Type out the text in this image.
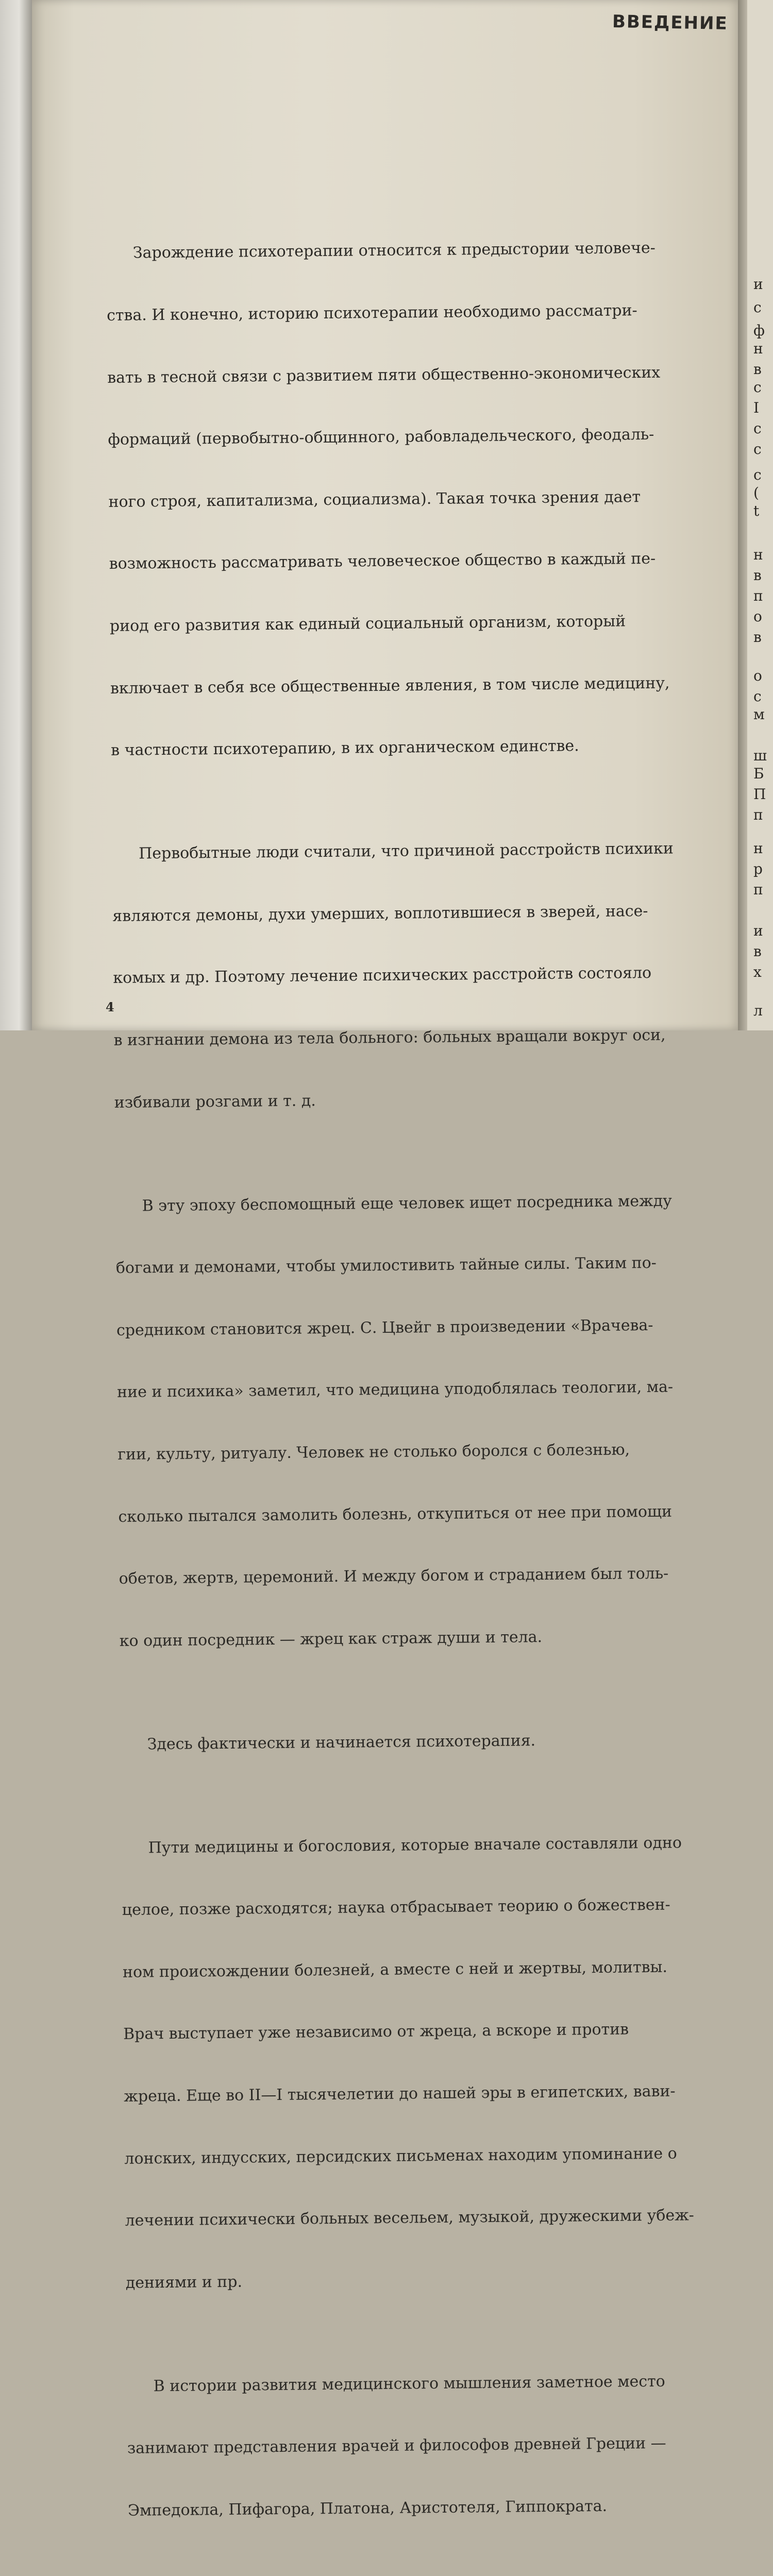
ВВЕДЕНИЕ

Зарождение психотерапии относится к предыстории человече-

ства. И конечно, историю психотерапии необходимо рассматри-

вать в тесной связи с развитием пяти общественно-экономических

формаций (первобытно-общинного, рабовладельческого, феодаль-

ного строя, капитализма, социализма). Такая точка зрения дает

возможность рассматривать человеческое общество в каждый пе-

риод его развития как единый социальный организм, который

включает в себя все общественные явления, в том числе медицину,

в частности психотерапию, в их органическом единстве.

Первобытные люди считали, что причиной расстройств психики

являются демоны, духи умерших, воплотившиеся в зверей, насе-

комых и др. Поэтому лечение психических расстройств состояло

в изгнании демона из тела больного: больных вращали вокруг оси,

избивали розгами и т. д.

В эту эпоху беспомощный еще человек ищет посредника между

богами и демонами, чтобы умилостивить тайные силы. Таким по-

средником становится жрец. С. Цвейг в произведении «Врачева-

ние и психика» заметил, что медицина уподоблялась теологии, ма-

гии, культу, ритуалу. Человек не столько боролся с болезнью,

сколько пытался замолить болезнь, откупиться от нее при помощи

обетов, жертв, церемоний. И между богом и страданием был толь-

ко один посредник — жрец как страж души и тела.

Здесь фактически и начинается психотерапия.

Пути медицины и богословия, которые вначале составляли одно

целое, позже расходятся; наука отбрасывает теорию о божествен-

ном происхождении болезней, а вместе с ней и жертвы, молитвы.

Врач выступает уже независимо от жреца, а вскоре и против

жреца. Еще во II—I тысячелетии до нашей эры в египетских, вави-

лонских, индусских, персидских письменах находим упоминание о

лечении психически больных весельем, музыкой, дружескими убеж-

дениями и пр.

В истории развития медицинского мышления заметное место

занимают представления врачей и философов древней Греции —

Эмпедокла, Пифагора, Платона, Аристотеля, Гиппократа.

4
и
с
ф
н
в
с
I
с
с
с
(
t
н
в
п
о
в
о
с
м
ш
Б
П
п
н
р
п
и
в
х
л
